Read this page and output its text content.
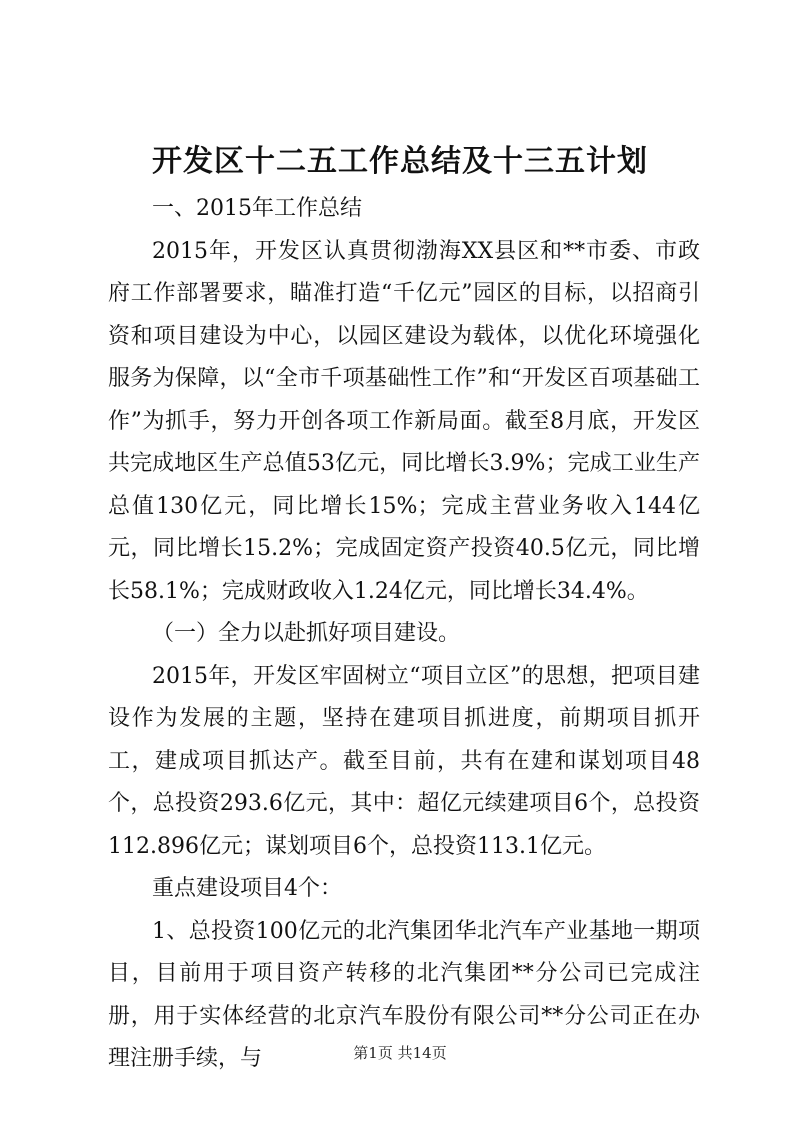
开发区十二五工作总结及十三五计划

一、2015年工作总结

2015年，开发区认真贯彻渤海XX县区和**市委、市政府工作部署要求，瞄准打造“千亿元”园区的目标，以招商引资和项目建设为中心，以园区建设为载体，以优化环境强化服务为保障，以“全市千项基础性工作”和“开发区百项基础工作”为抓手，努力开创各项工作新局面。截至8月底，开发区共完成地区生产总值53亿元，同比增长3.9%；完成工业生产总值130亿元，同比增长15%；完成主营业务收入144亿元，同比增长15.2%；完成固定资产投资40.5亿元，同比增长58.1%；完成财政收入1.24亿元，同比增长34.4%。

（一）全力以赴抓好项目建设。

2015年，开发区牢固树立“项目立区”的思想，把项目建设作为发展的主题，坚持在建项目抓进度，前期项目抓开工，建成项目抓达产。截至目前，共有在建和谋划项目48个，总投资293.6亿元，其中：超亿元续建项目6个，总投资112.896亿元；谋划项目6个，总投资113.1亿元。

重点建设项目4个：

1、总投资100亿元的北汽集团华北汽车产业基地一期项目，目前用于项目资产转移的北汽集团**分公司已完成注册，用于实体经营的北京汽车股份有限公司**分公司正在办理注册手续，与	第1页 共14页
